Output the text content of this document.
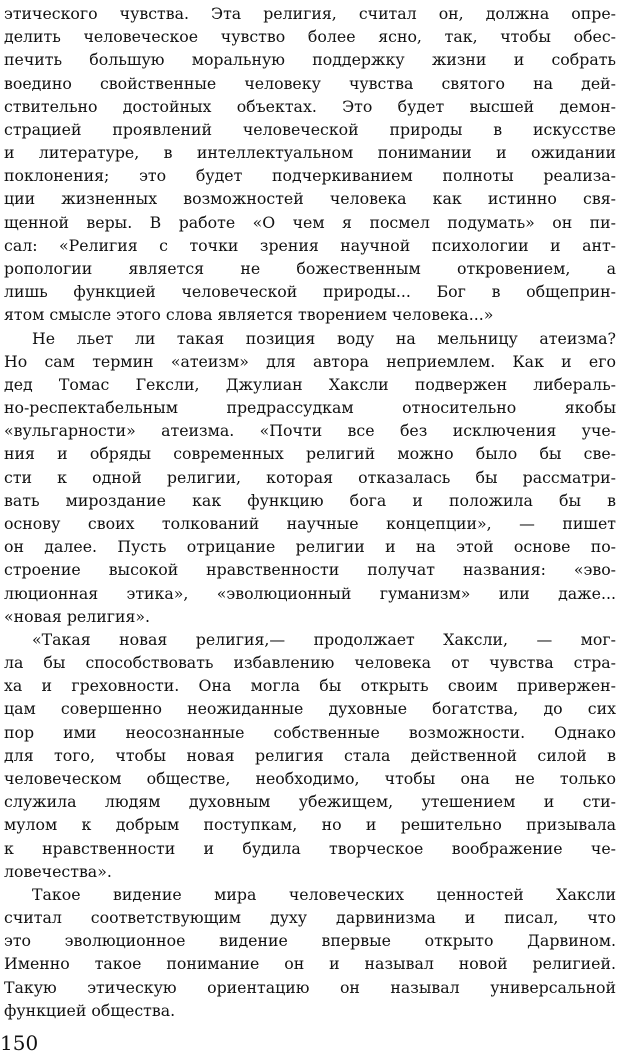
этического чувства. Эта религия, считал он, должна опре-
делить человеческое чувство более ясно, так, чтобы обес-
печить большую моральную поддержку жизни и собрать
воедино свойственные человеку чувства святого на дей-
ствительно достойных объектах. Это будет высшей демон-
страцией проявлений человеческой природы в искусстве
и литературе, в интеллектуальном понимании и ожидании
поклонения; это будет подчеркиванием полноты реализа-
ции жизненных возможностей человека как истинно свя-
щенной веры. В работе «О чем я посмел подумать» он пи-
сал: «Религия с точки зрения научной психологии и ант-
ропологии является не божественным откровением, а
лишь функцией человеческой природы... Бог в общеприн-
ятом смысле этого слова является творением человека...»
Не льет ли такая позиция воду на мельницу атеизма?
Но сам термин «атеизм» для автора неприемлем. Как и его
дед Томас Гексли, Джулиан Хаксли подвержен либераль-
но-респектабельным предрассудкам относительно якобы
«вульгарности» атеизма. «Почти все без исключения уче-
ния и обряды современных религий можно было бы све-
сти к одной религии, которая отказалась бы рассматри-
вать мироздание как функцию бога и положила бы в
основу своих толкований научные концепции», — пишет
он далее. Пусть отрицание религии и на этой основе по-
строение высокой нравственности получат названия: «эво-
люционная этика», «эволюционный гуманизм» или даже...
«новая религия».
«Такая новая религия,— продолжает Хаксли, — мог-
ла бы способствовать избавлению человека от чувства стра-
ха и греховности. Она могла бы открыть своим привержен-
цам совершенно неожиданные духовные богатства, до сих
пор ими неосознанные собственные возможности. Однако
для того, чтобы новая религия стала действенной силой в
человеческом обществе, необходимо, чтобы она не только
служила людям духовным убежищем, утешением и сти-
мулом к добрым поступкам, но и решительно призывала
к нравственности и будила творческое воображение че-
ловечества».
Такое видение мира человеческих ценностей Хаксли
считал соответствующим духу дарвинизма и писал, что
это эволюционное видение впервые открыто Дарвином.
Именно такое понимание он и называл новой религией.
Такую этическую ориентацию он называл универсальной
функцией общества.
150
